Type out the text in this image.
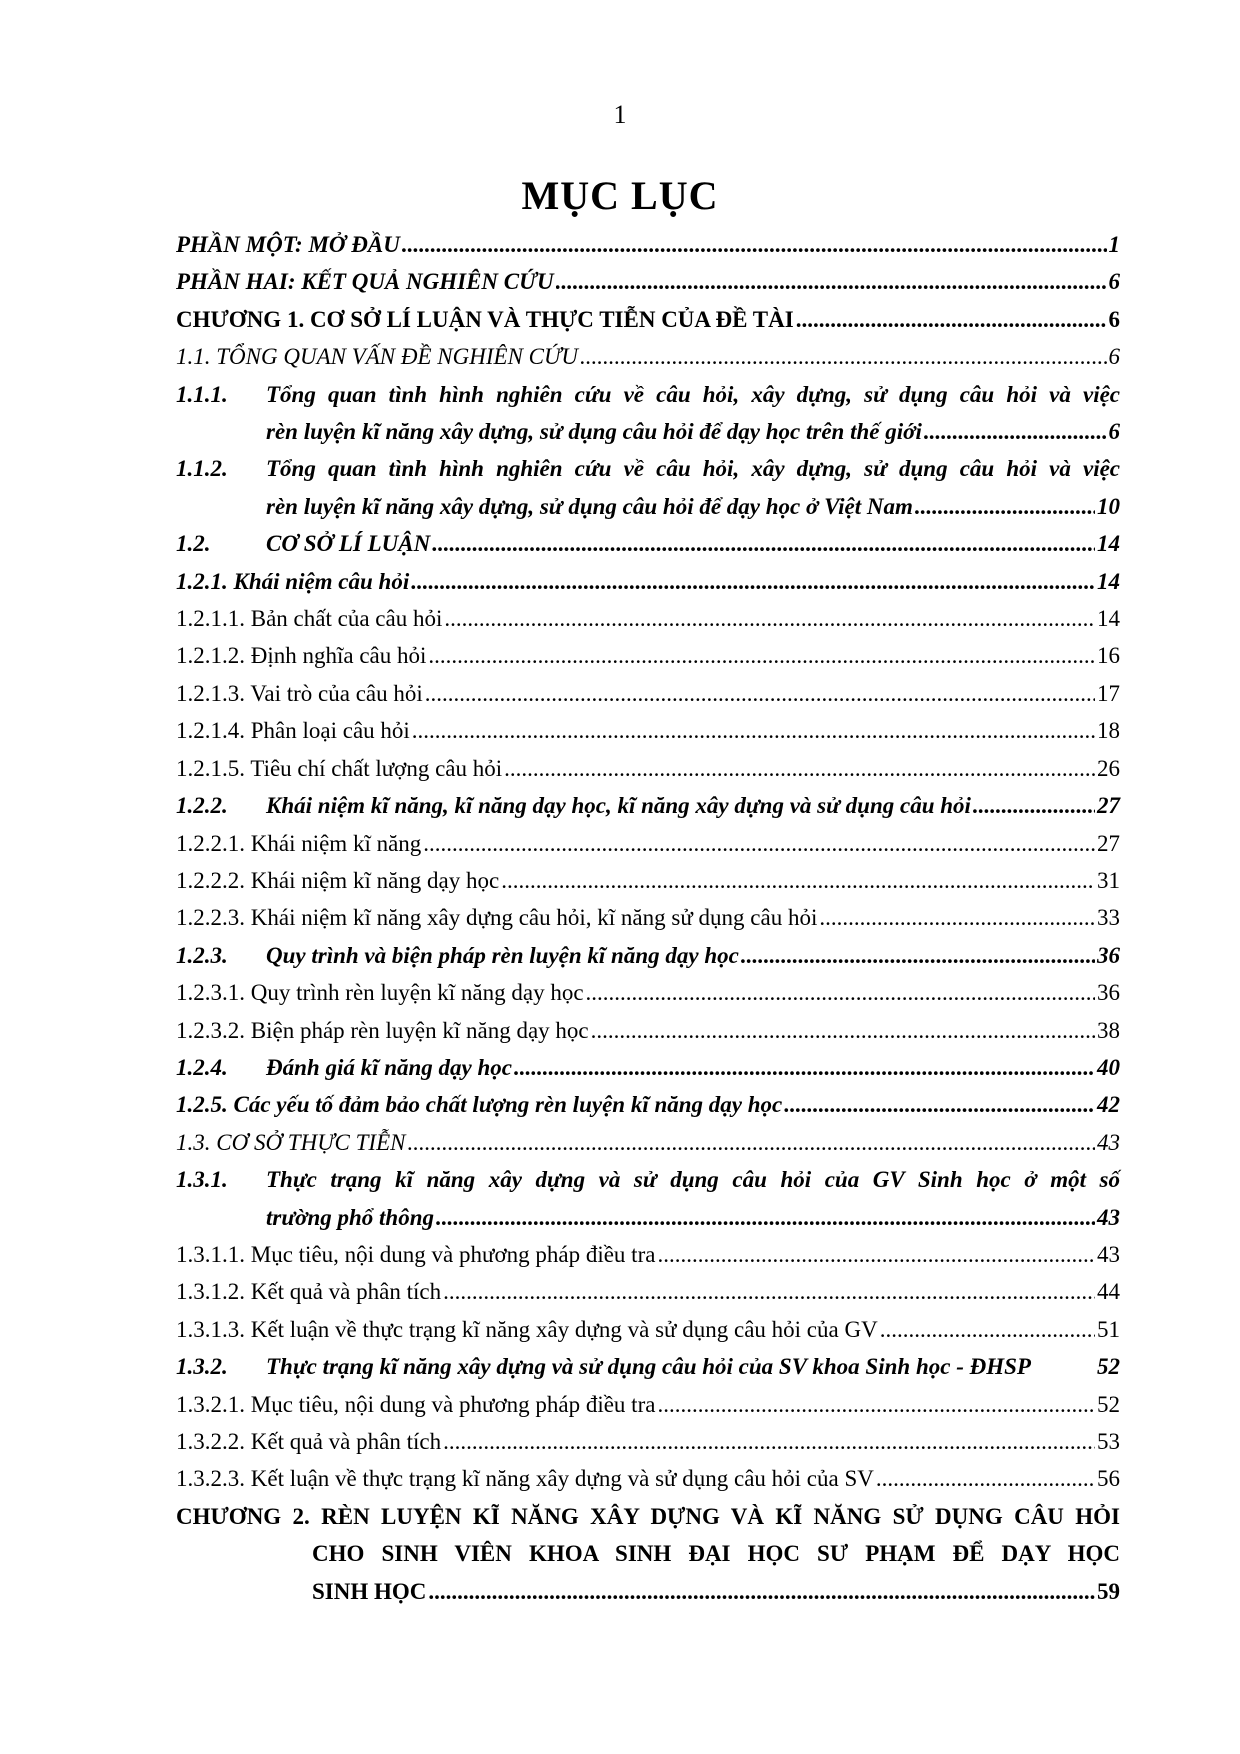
1
MỤC LỤC
PHẦN MỘT: MỞ ĐẦU .....	1
PHẦN HAI: KẾT QUẢ NGHIÊN CỨU .....	6
CHƯƠNG 1. CƠ SỞ LÍ LUẬN VÀ THỰC TIỄN CỦA ĐỀ TÀI .....	6
1.1. TỔNG QUAN VẤN ĐỀ NGHIÊN CỨU .....	6
1.1.1.	Tổng quan tình hình nghiên cứu về câu hỏi, xây dựng, sử dụng câu hỏi và việc
rèn luyện kĩ năng xây dựng, sử dụng câu hỏi để dạy học trên thế giới .....	6
1.1.2.	Tổng quan tình hình nghiên cứu về câu hỏi, xây dựng, sử dụng câu hỏi và việc
rèn luyện kĩ năng xây dựng, sử dụng câu hỏi để dạy học ở Việt Nam .....	10
1.2.	CƠ SỞ LÍ LUẬN .....	14
1.2.1. Khái niệm câu hỏi .....	14
1.2.1.1. Bản chất của câu hỏi .....	14
1.2.1.2. Định nghĩa câu hỏi .....	16
1.2.1.3. Vai trò của câu hỏi .....	17
1.2.1.4. Phân loại câu hỏi .....	18
1.2.1.5. Tiêu chí chất lượng câu hỏi .....	26
1.2.2.	Khái niệm kĩ năng, kĩ năng dạy học, kĩ năng xây dựng và sử dụng câu hỏi .....	27
1.2.2.1. Khái niệm kĩ năng .....	27
1.2.2.2. Khái niệm kĩ năng dạy học .....	31
1.2.2.3. Khái niệm kĩ năng xây dựng câu hỏi, kĩ năng sử dụng câu hỏi .....	33
1.2.3.	Quy trình và biện pháp rèn luyện kĩ năng dạy học .....	36
1.2.3.1. Quy trình rèn luyện kĩ năng dạy học .....	36
1.2.3.2. Biện pháp rèn luyện kĩ năng dạy học .....	38
1.2.4.	Đánh giá kĩ năng dạy học .....	40
1.2.5. Các yếu tố đảm bảo chất lượng rèn luyện kĩ năng dạy học .....	42
1.3. CƠ SỞ THỰC TIỄN .....	43
1.3.1.	Thực trạng kĩ năng xây dựng và sử dụng câu hỏi của GV Sinh học ở một số
trường phổ thông .....	43
1.3.1.1. Mục tiêu, nội dung và phương pháp điều tra .....	43
1.3.1.2. Kết quả và phân tích .....	44
1.3.1.3. Kết luận về thực trạng kĩ năng xây dựng và sử dụng câu hỏi của GV .....	51
1.3.2.	Thực trạng kĩ năng xây dựng và sử dụng câu hỏi của SV khoa Sinh học - ĐHSP	52
1.3.2.1. Mục tiêu, nội dung và phương pháp điều tra .....	52
1.3.2.2. Kết quả và phân tích .....	53
1.3.2.3. Kết luận về thực trạng kĩ năng xây dựng và sử dụng câu hỏi của SV .....	56
CHƯƠNG 2. RÈN LUYỆN KĨ NĂNG XÂY DỰNG VÀ KĨ NĂNG SỬ DỤNG CÂU HỎI
CHO SINH VIÊN KHOA SINH ĐẠI HỌC SƯ PHẠM ĐỂ DẠY HỌC
SINH HỌC .....	59
